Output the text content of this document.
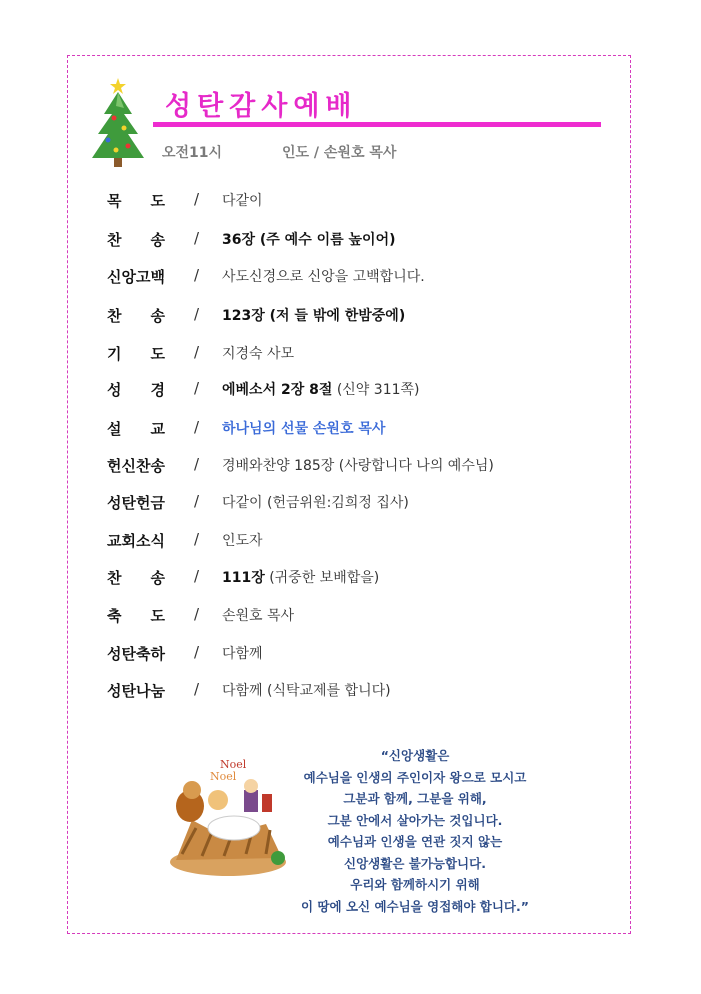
성탄감사예배
오전11시	인도 / 손원호 목사
목 도 / 다같이
찬 송 / 36장 (주 예수 이름 높이어)
신앙고백 / 사도신경으로 신앙을 고백합니다.
찬 송 / 123장 (저 들 밖에 한밤중에)
기 도 / 지경숙 사모
성 경 / 에베소서 2장 8절 (신약 311쪽)
설 교 / 하나님의 선물 손원호 목사
헌신찬송 / 경배와찬양 185장 (사랑합니다 나의 예수님)
성탄헌금 / 다같이 (헌금위원:김희정 집사)
교회소식 / 인도자
찬 송 / 111장 (귀중한 보배합을)
축 도 / 손원호 목사
성탄축하 / 다함께
성탄나눔 / 다함께 (식탁교제를 합니다)
Noel
Noel
“신앙생활은
예수님을 인생의 주인이자 왕으로 모시고
그분과 함께, 그분을 위해,
그분 안에서 살아가는 것입니다.
예수님과 인생을 연관 짓지 않는
신앙생활은 불가능합니다.
우리와 함께하시기 위해
이 땅에 오신 예수님을 영접해야 합니다.”
